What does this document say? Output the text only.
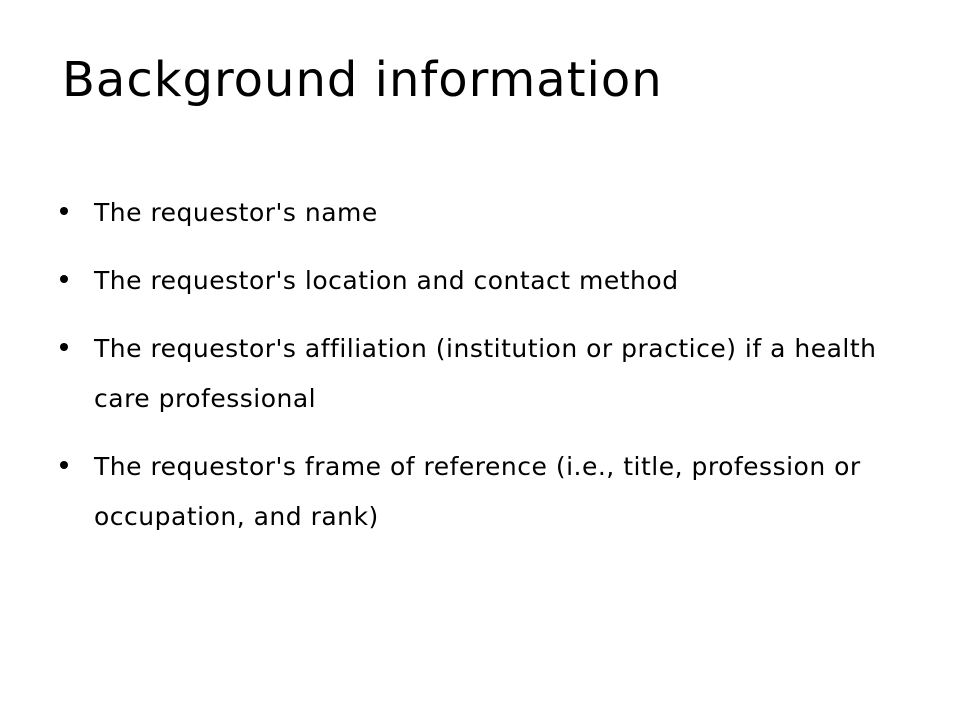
Background information
The requestor's name
The requestor's location and contact method
The requestor's affiliation (institution or practice) if a health care professional
The requestor's frame of reference (i.e., title, profession or occupation, and rank)
